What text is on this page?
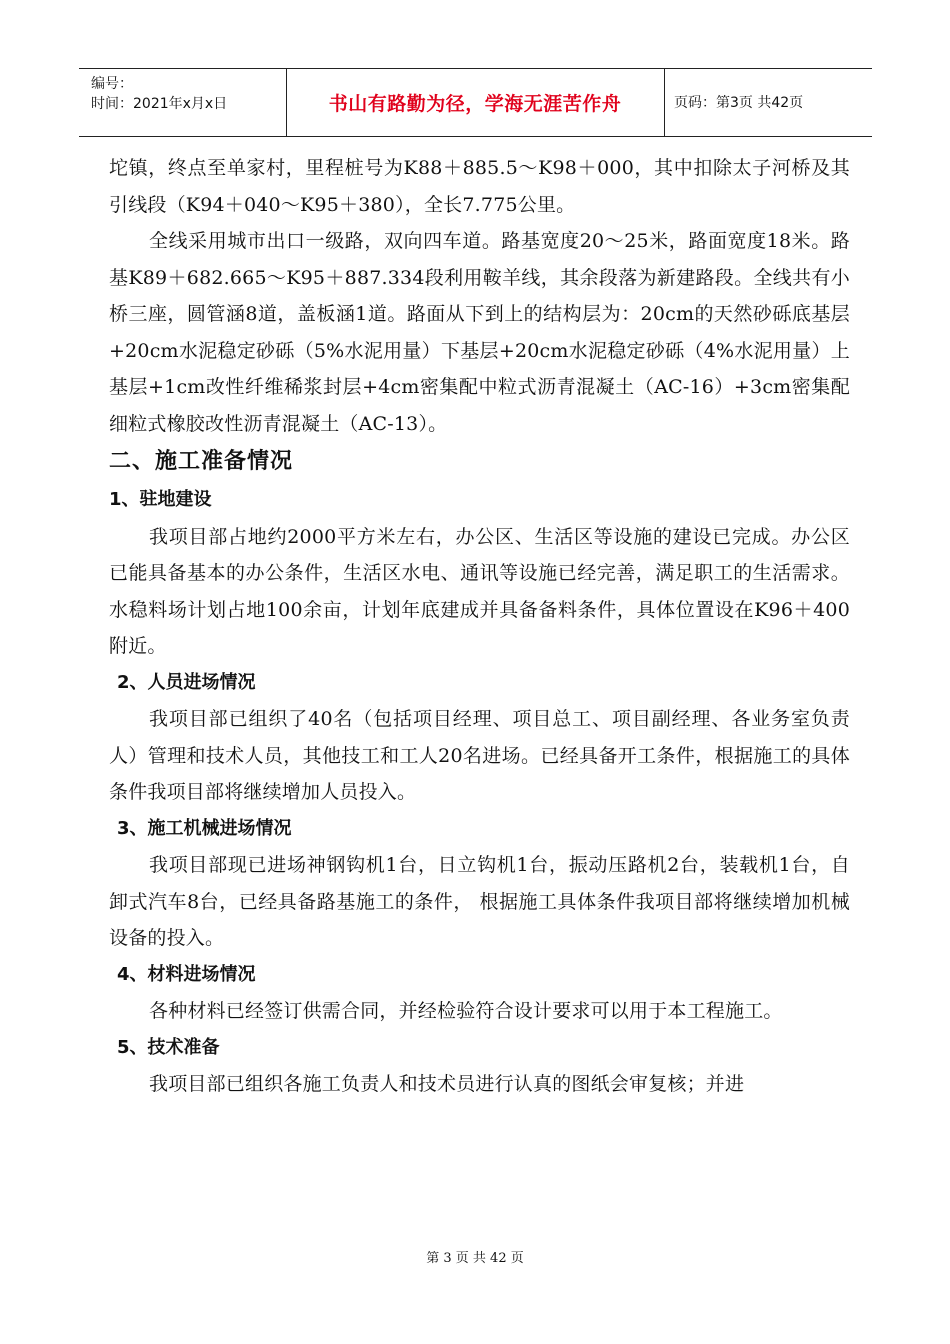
编号：
时间：2021年x月x日	书山有路勤为径，学海无涯苦作舟	页码：第3页 共42页

坨镇，终点至单家村，里程桩号为K88＋885.5～K98＋000，其中扣除太子河桥及其引线段（K94＋040～K95＋380），全长7.775公里。

全线采用城市出口一级路，双向四车道。路基宽度20～25米，路面宽度18米。路基K89＋682.665～K95＋887.334段利用鞍羊线，其余段落为新建路段。全线共有小桥三座，圆管涵8道，盖板涵1道。路面从下到上的结构层为：20cm的天然砂砾底基层+20cm水泥稳定砂砾（5%水泥用量）下基层+20cm水泥稳定砂砾（4%水泥用量）上基层+1cm改性纤维稀浆封层+4cm密集配中粒式沥青混凝土（AC-16）+3cm密集配细粒式橡胶改性沥青混凝土（AC-13）。

二、施工准备情况
1、驻地建设

我项目部占地约2000平方米左右，办公区、生活区等设施的建设已完成。办公区已能具备基本的办公条件，生活区水电、通讯等设施已经完善，满足职工的生活需求。水稳料场计划占地100余亩，计划年底建成并具备备料条件，具体位置设在K96＋400附近。

2、人员进场情况

我项目部已组织了40名（包括项目经理、项目总工、项目副经理、各业务室负责人）管理和技术人员，其他技工和工人20名进场。已经具备开工条件，根据施工的具体条件我项目部将继续增加人员投入。

3、施工机械进场情况

我项目部现已进场神钢钩机1台，日立钩机1台，振动压路机2台，装载机1台，自卸式汽车8台，已经具备路基施工的条件， 根据施工具体条件我项目部将继续增加机械设备的投入。

4、材料进场情况

各种材料已经签订供需合同，并经检验符合设计要求可以用于本工程施工。

5、技术准备

我项目部已组织各施工负责人和技术员进行认真的图纸会审复核；并进

第 3 页 共 42 页
